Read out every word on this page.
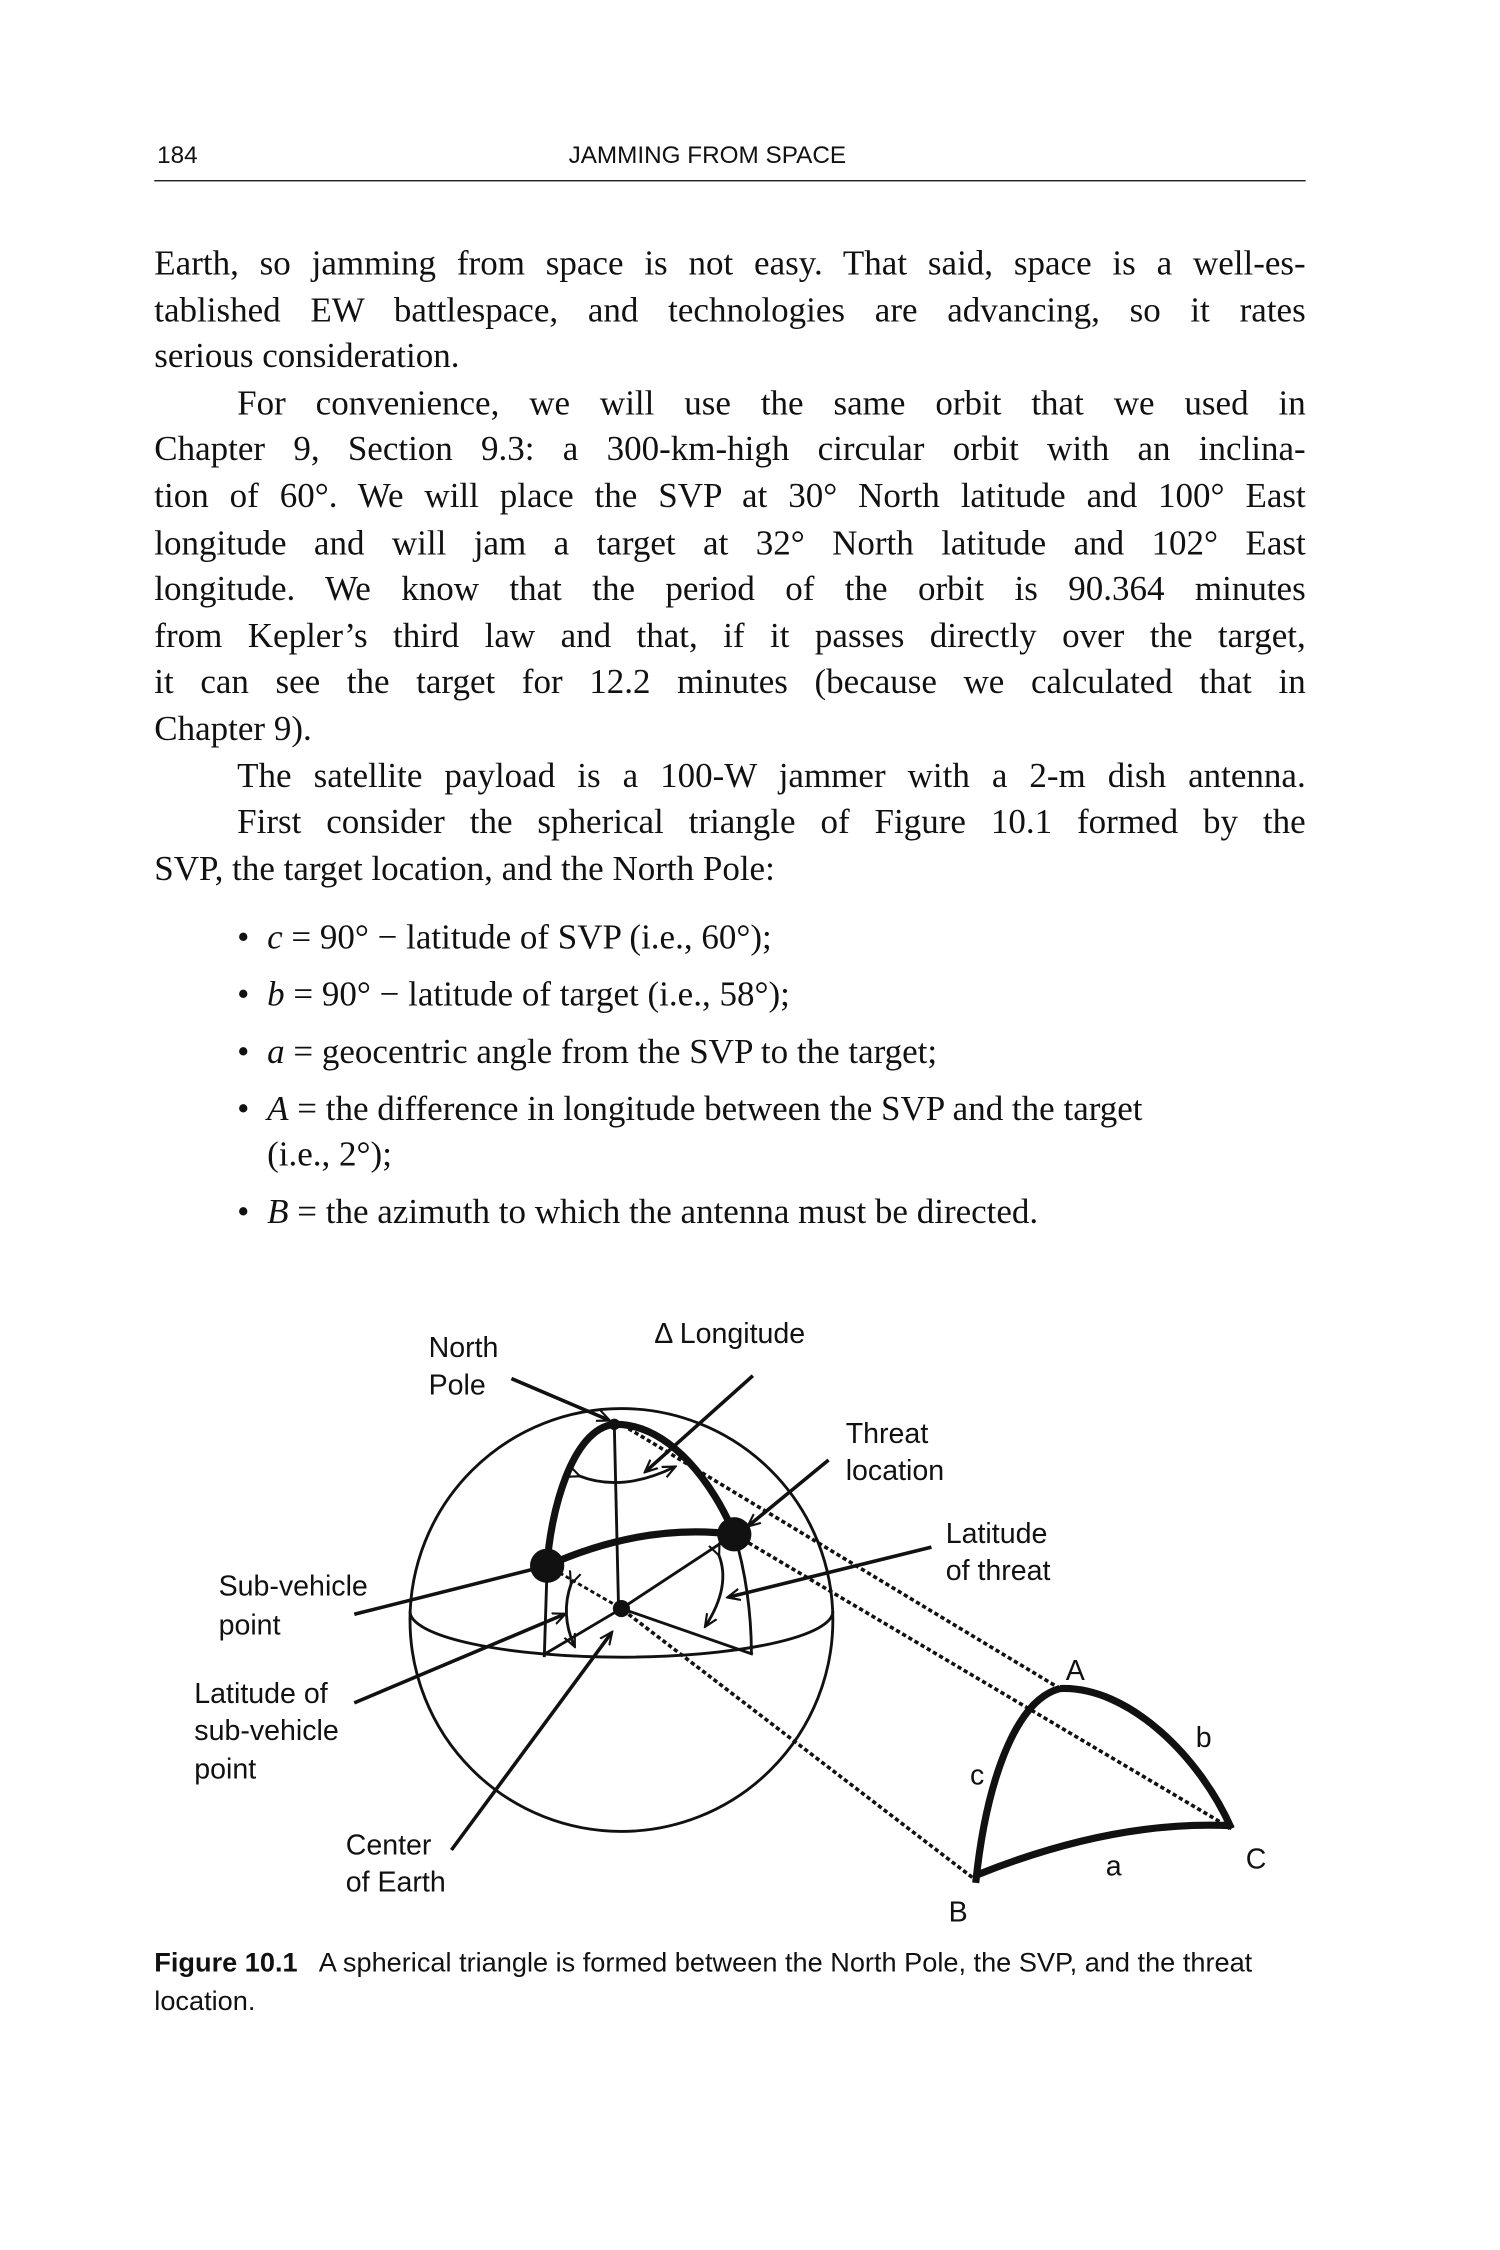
184	JAMMING FROM SPACE
Earth, so jamming from space is not easy. That said, space is a well-es-
tablished EW battlespace, and technologies are advancing, so it rates
serious consideration.
For convenience, we will use the same orbit that we used in
Chapter 9, Section 9.3: a 300-km-high circular orbit with an inclina-
tion of 60°. We will place the SVP at 30° North latitude and 100° East
longitude and will jam a target at 32° North latitude and 102° East
longitude. We know that the period of the orbit is 90.364 minutes
from Kepler’s third law and that, if it passes directly over the target,
it can see the target for 12.2 minutes (because we calculated that in
Chapter 9).
The satellite payload is a 100-W jammer with a 2-m dish antenna.
First consider the spherical triangle of Figure 10.1 formed by the
SVP, the target location, and the North Pole:
• c = 90° − latitude of SVP (i.e., 60°);
• b = 90° − latitude of target (i.e., 58°);
• a = geocentric angle from the SVP to the target;
• A = the difference in longitude between the SVP and the target
(i.e., 2°);
• B = the azimuth to which the antenna must be directed.
North
Pole
Δ Longitude
Threat
location
Latitude
of threat
Sub-vehicle
point
Latitude of
sub-vehicle
point
Center
of Earth
A
B
C
a
b
c
Figure 10.1 A spherical triangle is formed between the North Pole, the SVP, and the threat location.
